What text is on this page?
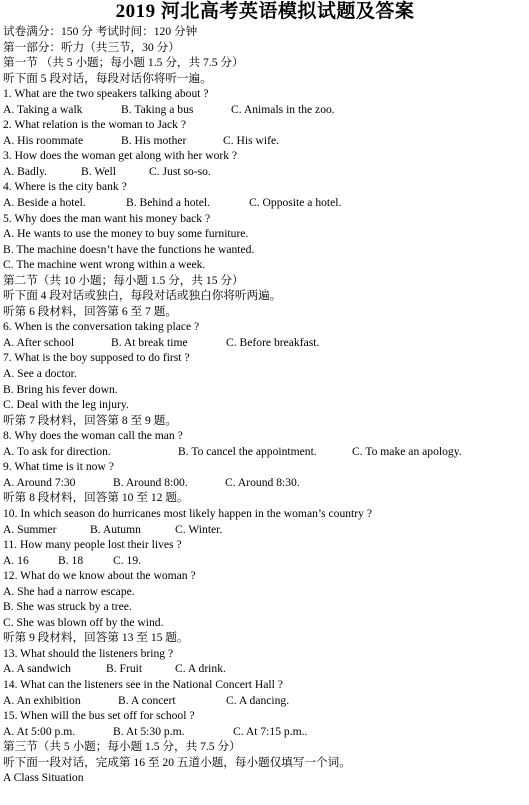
2019 河北高考英语模拟试题及答案
试卷满分：150 分 考试时间：120 分钟
第一部分：听力（共三节，30 分）
第一节 （共 5 小题；每小题 1.5 分，共 7.5 分）
听下面 5 段对话，每段对话你将听一遍。
1. What are the two speakers talking about ?
A. Taking a walk	B. Taking a bus	C. Animals in the zoo.
2. What relation is the woman to Jack ?
A. His roommate	B. His mother	C. His wife.
3. How does the woman get along with her work ?
A. Badly.	B. Well	C. Just so-so.
4. Where is the city bank ?
A. Beside a hotel.	B. Behind a hotel.	C. Opposite a hotel.
5. Why does the man want his money back ?
A. He wants to use the money to buy some furniture.
B. The machine doesn’t have the functions he wanted.
C. The machine went wrong within a week.
第二节（共 10 小题；每小题 1.5 分，共 15 分）
听下面 4 段对话或独白，每段对话或独白你将听两遍。
听第 6 段材料，回答第 6 至 7 题。
6. When is the conversation taking place ?
A. After school	B. At break time	C. Before breakfast.
7. What is the boy supposed to do first ?
A. See a doctor.
B. Bring his fever down.
C. Deal with the leg injury.
听第 7 段材料，回答第 8 至 9 题。
8. Why does the woman call the man ?
A. To ask for direction.	B. To cancel the appointment.	C. To make an apology.
9. What time is it now ?
A. Around 7:30	B. Around 8:00.	C. Around 8:30.
听第 8 段材料，回答第 10 至 12 题。
10. In which season do hurricanes most likely happen in the woman’s country ?
A. Summer	B. Autumn	C. Winter.
11. How many people lost their lives ?
A. 16	B. 18	C. 19.
12. What do we know about the woman ?
A. She had a narrow escape.
B. She was struck by a tree.
C. She was blown off by the wind.
听第 9 段材料，回答第 13 至 15 题。
13. What should the listeners bring ?
A. A sandwich	B. Fruit	C. A drink.
14. What can the listeners see in the National Concert Hall ?
A. An exhibition	B. A concert	C. A dancing.
15. When will the bus set off for school ?
A. At 5:00 p.m.	B. At 5:30 p.m.	C. At 7:15 p.m..
第三节（共 5 小题；每小题 1.5 分，共 7.5 分）
听下面一段对话，完成第 16 至 20 五道小题，每小题仅填写一个词。
A Class Situation
